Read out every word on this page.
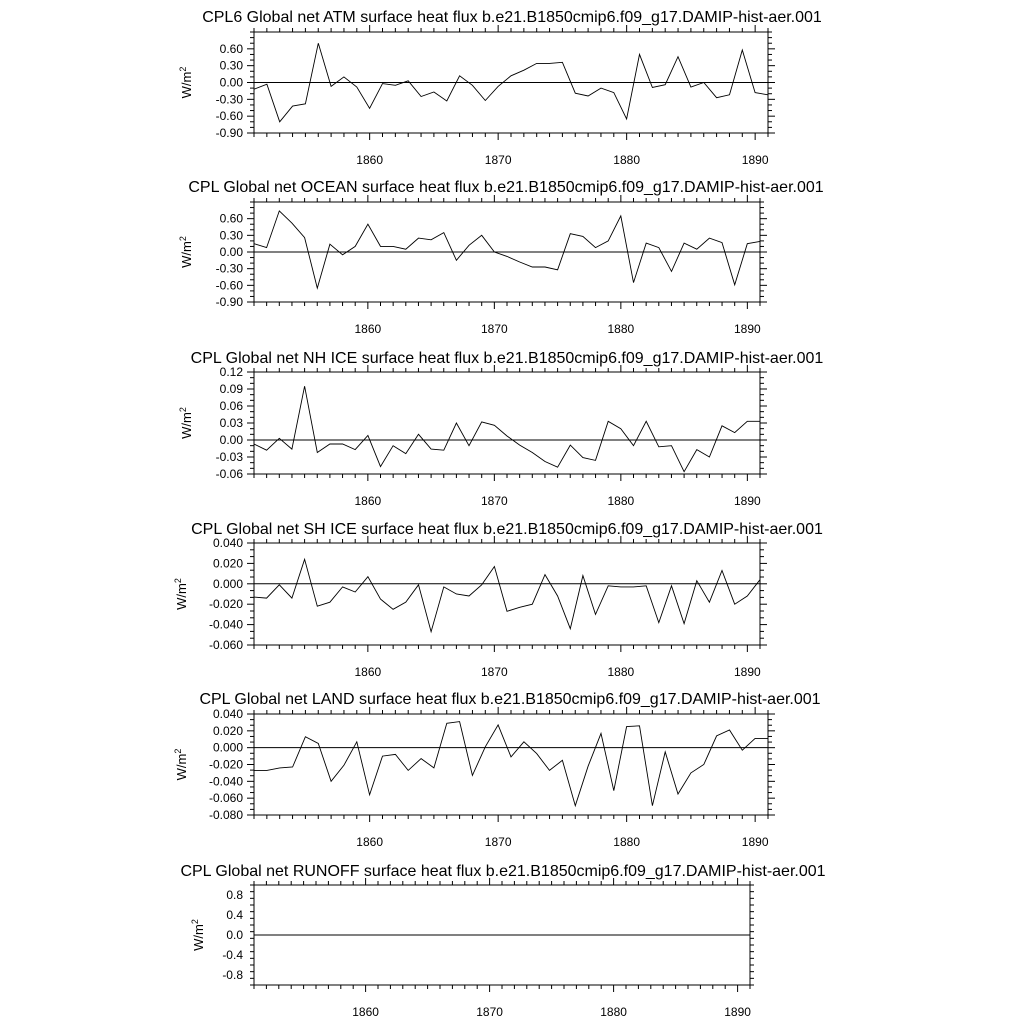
CPL6 Global net ATM surface heat flux b.e21.B1850cmip6.f09_g17.DAMIP-hist-aer.001
1860	1870	1880	1890
-0.90
-0.60
-0.30
0.00
0.30
0.60
$W/m^2$
CPL Global net OCEAN surface heat flux b.e21.B1850cmip6.f09_g17.DAMIP-hist-aer.001
1860	1870	1880	1890
-0.90
-0.60
-0.30
0.00
0.30
0.60
$W/m^2$
CPL Global net NH ICE surface heat flux b.e21.B1850cmip6.f09_g17.DAMIP-hist-aer.001
1860	1870	1880	1890
-0.06
-0.03
0.00
0.03
0.06
0.09
0.12
$W/m^2$
CPL Global net SH ICE surface heat flux b.e21.B1850cmip6.f09_g17.DAMIP-hist-aer.001
1860	1870	1880	1890
-0.060
-0.040
-0.020
0.000
0.020
0.040
$W/m^2$
CPL Global net LAND surface heat flux b.e21.B1850cmip6.f09_g17.DAMIP-hist-aer.001
1860	1870	1880	1890
-0.080
-0.060
-0.040
-0.020
0.000
0.020
0.040
$W/m^2$
CPL Global net RUNOFF surface heat flux b.e21.B1850cmip6.f09_g17.DAMIP-hist-aer.001
1860	1870	1880	1890
-0.8
-0.4
0.0
0.4
0.8
$W/m^2$
